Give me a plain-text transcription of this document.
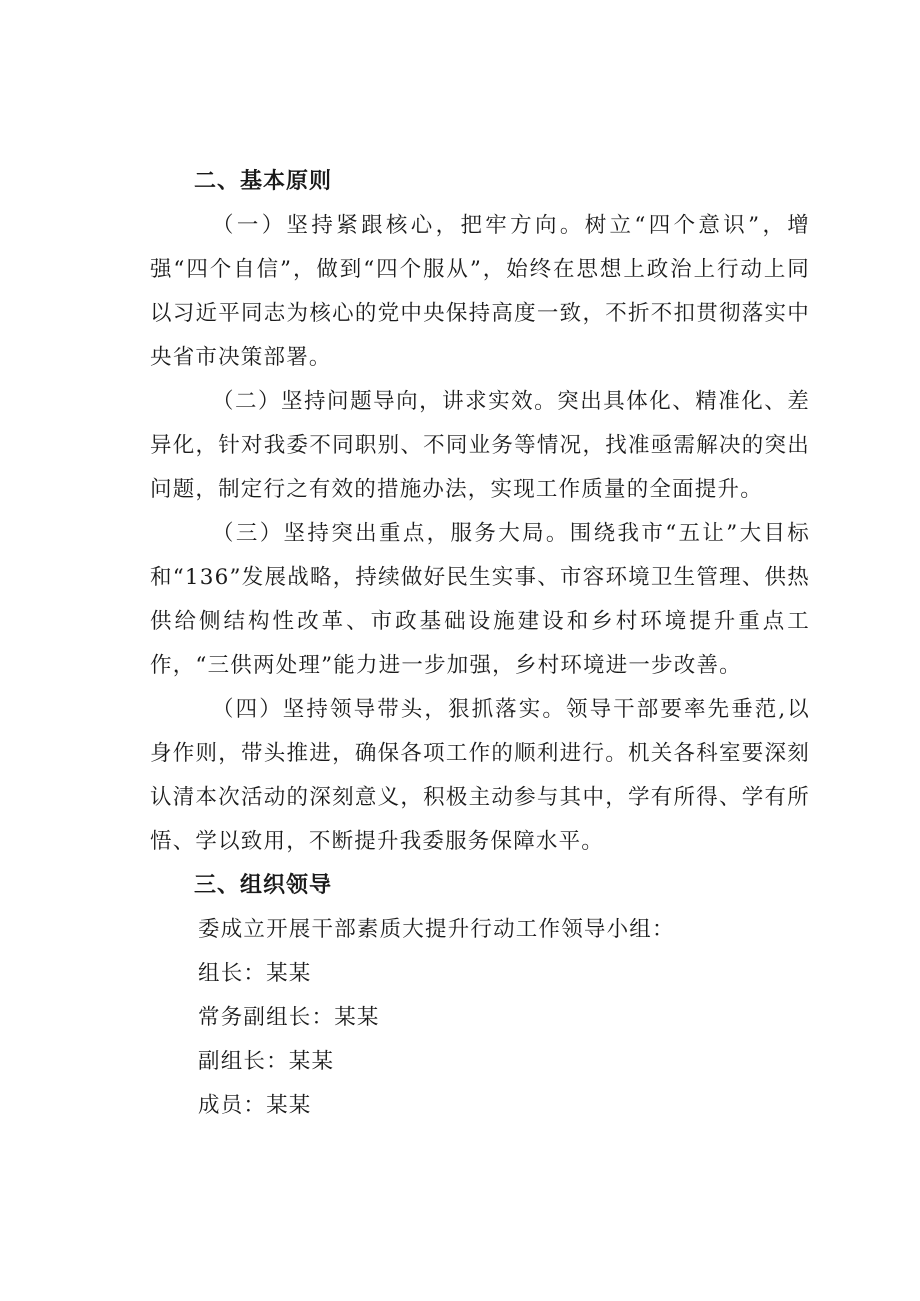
二、基本原则

（一）坚持紧跟核心，把牢方向。树立“四个意识”，增强“四个自信”，做到“四个服从”，始终在思想上政治上行动上同以习近平同志为核心的党中央保持高度一致，不折不扣贯彻落实中央省市决策部署。

（二）坚持问题导向，讲求实效。突出具体化、精准化、差异化，针对我委不同职别、不同业务等情况，找准亟需解决的突出问题，制定行之有效的措施办法，实现工作质量的全面提升。

（三）坚持突出重点，服务大局。围绕我市“五让”大目标和“136”发展战略，持续做好民生实事、市容环境卫生管理、供热供给侧结构性改革、市政基础设施建设和乡村环境提升重点工作，“三供两处理”能力进一步加强，乡村环境进一步改善。

（四）坚持领导带头，狠抓落实。领导干部要率先垂范,以身作则，带头推进，确保各项工作的顺利进行。机关各科室要深刻认清本次活动的深刻意义，积极主动参与其中，学有所得、学有所悟、学以致用，不断提升我委服务保障水平。

三、组织领导

委成立开展干部素质大提升行动工作领导小组：

组长：某某

常务副组长：某某

副组长：某某

成员：某某
